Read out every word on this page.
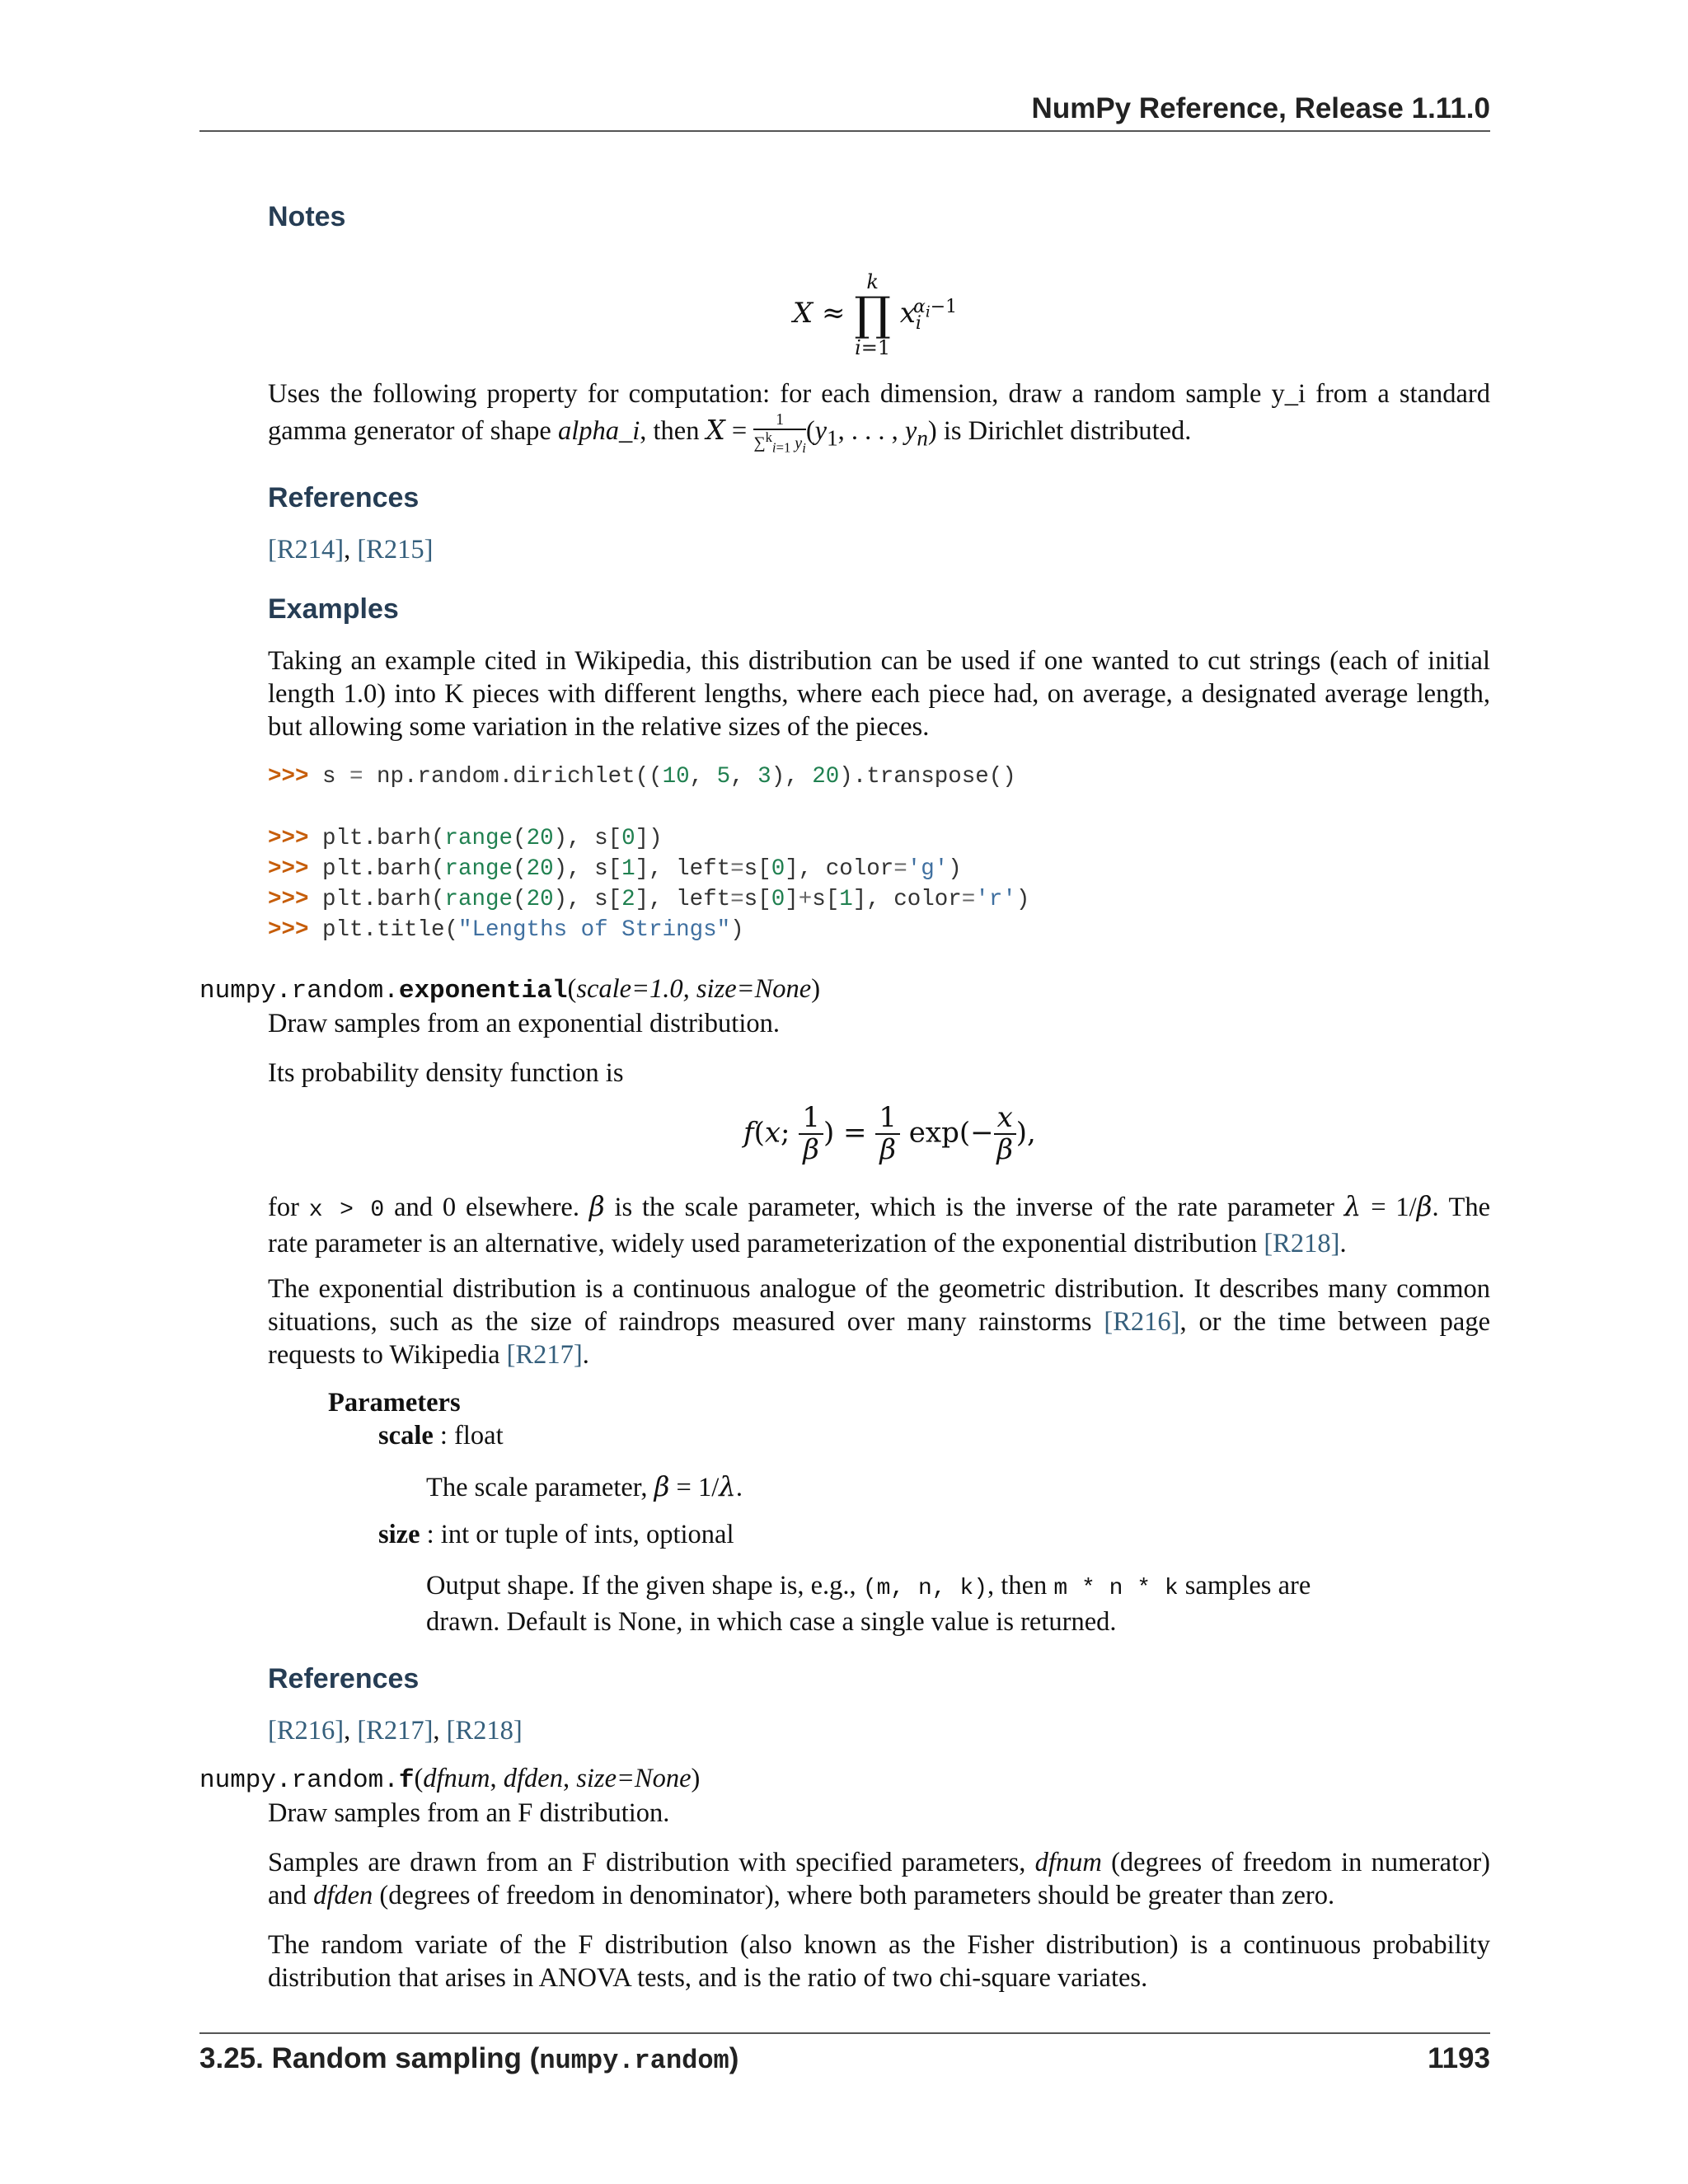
NumPy Reference, Release 1.11.0
Notes
X ≈
k
∏
i=1
$x_i^{\alpha_i-1}$
Uses the following property for computation: for each dimension, draw a random sample y_i from a standard
gamma generator of shape alpha_i, then $X = \frac{1}{\sum^k_{i=1} y_i} (y_1$, . . . , $y_n$) is Dirichlet distributed.
References
[R214], [R215]
Examples
Taking an example cited in Wikipedia, this distribution can be used if one wanted to cut strings (each of initial length 1.0) into K pieces with different lengths, where each piece had, on average, a designated average length, but allowing some variation in the relative sizes of the pieces.
>>> s = np.random.dirichlet((10, 5, 3), 20).transpose()
>>> plt.barh(range(20), s[0])
>>> plt.barh(range(20), s[1], left=s[0], color='g')
>>> plt.barh(range(20), s[2], left=s[0]+s[1], color='r')
>>> plt.title("Lengths of Strings")
numpy.random.exponential(scale=1.0, size=None)
Draw samples from an exponential distribution.
Its probability density function is
f(x; $\frac{1}{\beta}$ ) = $\frac{1}{\beta} \exp(- \frac{x}{\beta}$ ),
for x > 0 and 0 elsewhere. β is the scale parameter, which is the inverse of the rate parameter λ = 1/β. The
rate parameter is an alternative, widely used parameterization of the exponential distribution [R218].
The exponential distribution is a continuous analogue of the geometric distribution. It describes many common
situations, such as the size of raindrops measured over many rainstorms [R216], or the time between page
requests to Wikipedia [R217].
Parameters
scale : float
The scale parameter, β = 1/λ.
size : int or tuple of ints, optional
Output shape. If the given shape is, e.g., (m, n, k), then m * n * k samples are
drawn. Default is None, in which case a single value is returned.
References
[R216], [R217], [R218]
numpy.random.f(dfnum, dfden, size=None)
Draw samples from an F distribution.
Samples are drawn from an F distribution with specified parameters, dfnum (degrees of freedom in numerator)
and dfden (degrees of freedom in denominator), where both parameters should be greater than zero.
The random variate of the F distribution (also known as the Fisher distribution) is a continuous probability
distribution that arises in ANOVA tests, and is the ratio of two chi-square variates.
3.25. Random sampling (numpy.random)	1193
